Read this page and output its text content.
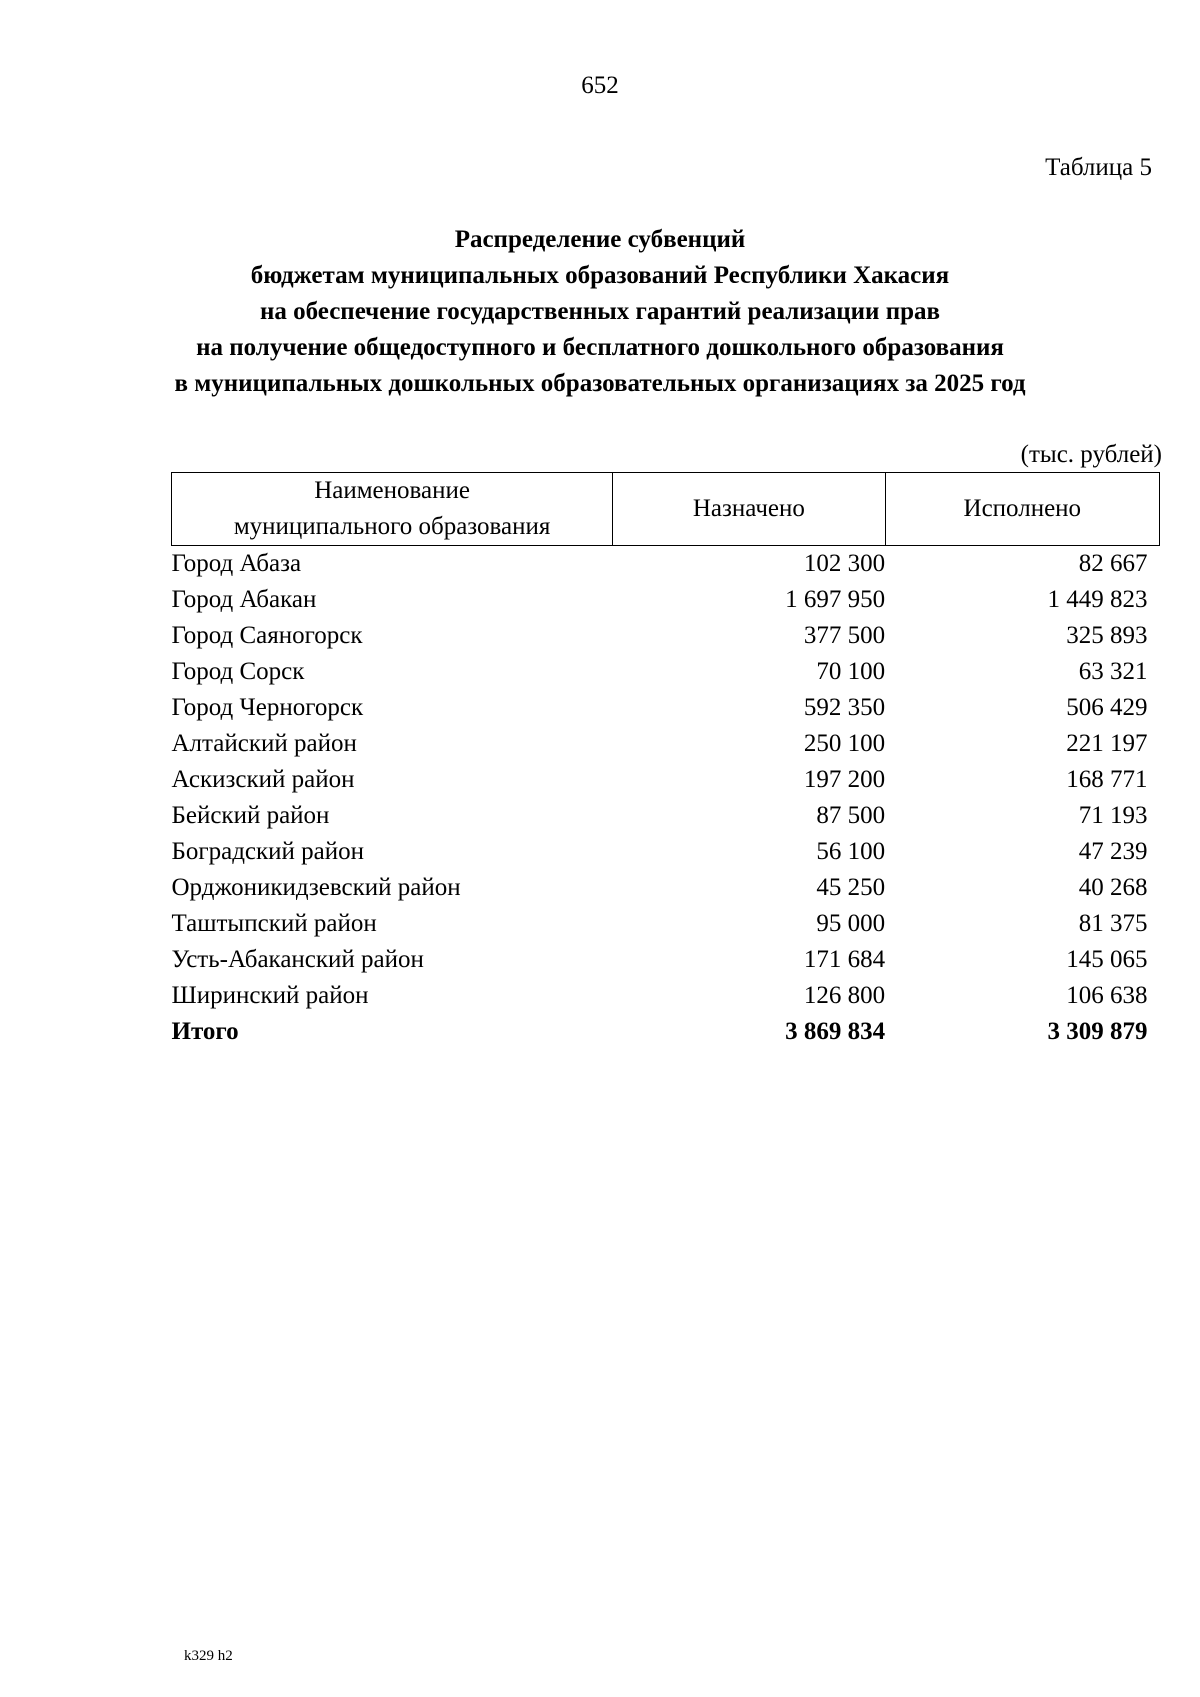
652
Таблица 5
Распределение субвенций
бюджетам муниципальных образований Республики Хакасия
на обеспечение государственных гарантий реализации прав
на получение общедоступного и бесплатного дошкольного образования
в муниципальных дошкольных образовательных организациях за 2025 год
(тыс. рублей)
Наименование
муниципального образования	Назначено	Исполнено
Город Абаза	102 300	82 667
Город Абакан	1 697 950	1 449 823
Город Саяногорск	377 500	325 893
Город Сорск	70 100	63 321
Город Черногорск	592 350	506 429
Алтайский район	250 100	221 197
Аскизский район	197 200	168 771
Бейский район	87 500	71 193
Боградский район	56 100	47 239
Орджоникидзевский район	45 250	40 268
Таштыпский район	95 000	81 375
Усть-Абаканский район	171 684	145 065
Ширинский район	126 800	106 638
Итого	3 869 834	3 309 879
k329 h2
